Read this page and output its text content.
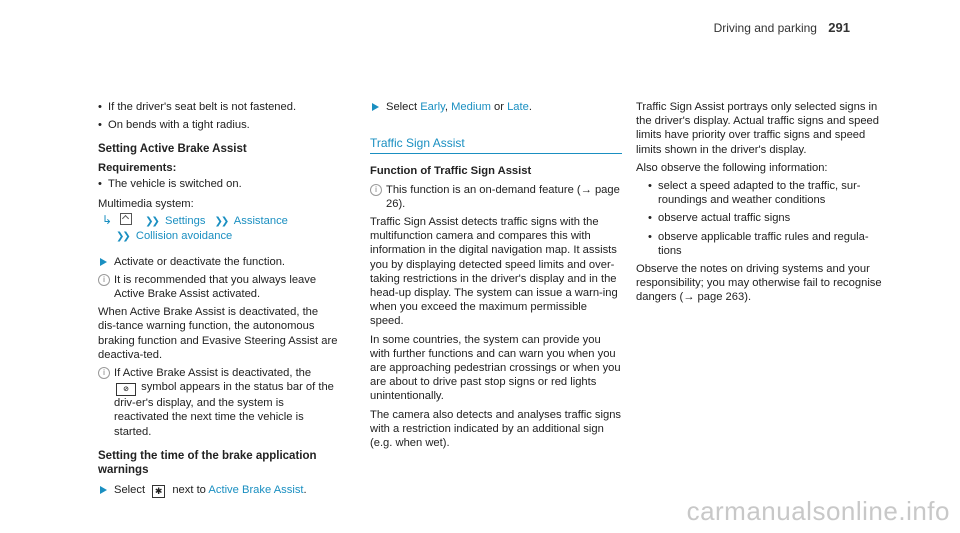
Driving and parking 291
• If the driver's seat belt is not fastened.
• On bends with a tight radius.
Setting Active Brake Assist
Requirements:
• The vehicle is switched on.
Multimedia system:
↳	❯❯ Settings ❯❯ Assistance
❯❯ Collision avoidance
Activate or deactivate the function.
i It is recommended that you always leave Active Brake Assist activated.
When Active Brake Assist is deactivated, the dis-tance warning function, the autonomous braking function and Evasive Steering Assist are deactiva-ted.
i If Active Brake Assist is deactivated, the ⊘ symbol appears in the status bar of the driv-er's display, and the system is reactivated the next time the vehicle is started.
Setting the time of the brake application warnings
Select ✱ next to Active Brake Assist.
Select Early, Medium or Late.
Traffic Sign Assist
Function of Traffic Sign Assist
i This function is an on-demand feature (→ page 26).
Traffic Sign Assist detects traffic signs with the multifunction camera and compares this with information in the digital navigation map. It assists you by displaying detected speed limits and over-taking restrictions in the driver's display and in the head-up display. The system can issue a warn-ing when you exceed the maximum permissible speed.
In some countries, the system can provide you with further functions and can warn you when you are approaching pedestrian crossings or when you are about to drive past stop signs or red lights unintentionally.
The camera also detects and analyses traffic signs with a restriction indicated by an additional sign (e.g. when wet).
Traffic Sign Assist portrays only selected signs in the driver's display. Actual traffic signs and speed limits have priority over traffic signs and speed limits shown in the driver's display.
Also observe the following information:
• select a speed adapted to the traffic, sur-roundings and weather conditions
• observe actual traffic signs
• observe applicable traffic rules and regula-tions
Observe the notes on driving systems and your responsibility; you may otherwise fail to recognise dangers (→ page 263).
carmanualsonline.info
